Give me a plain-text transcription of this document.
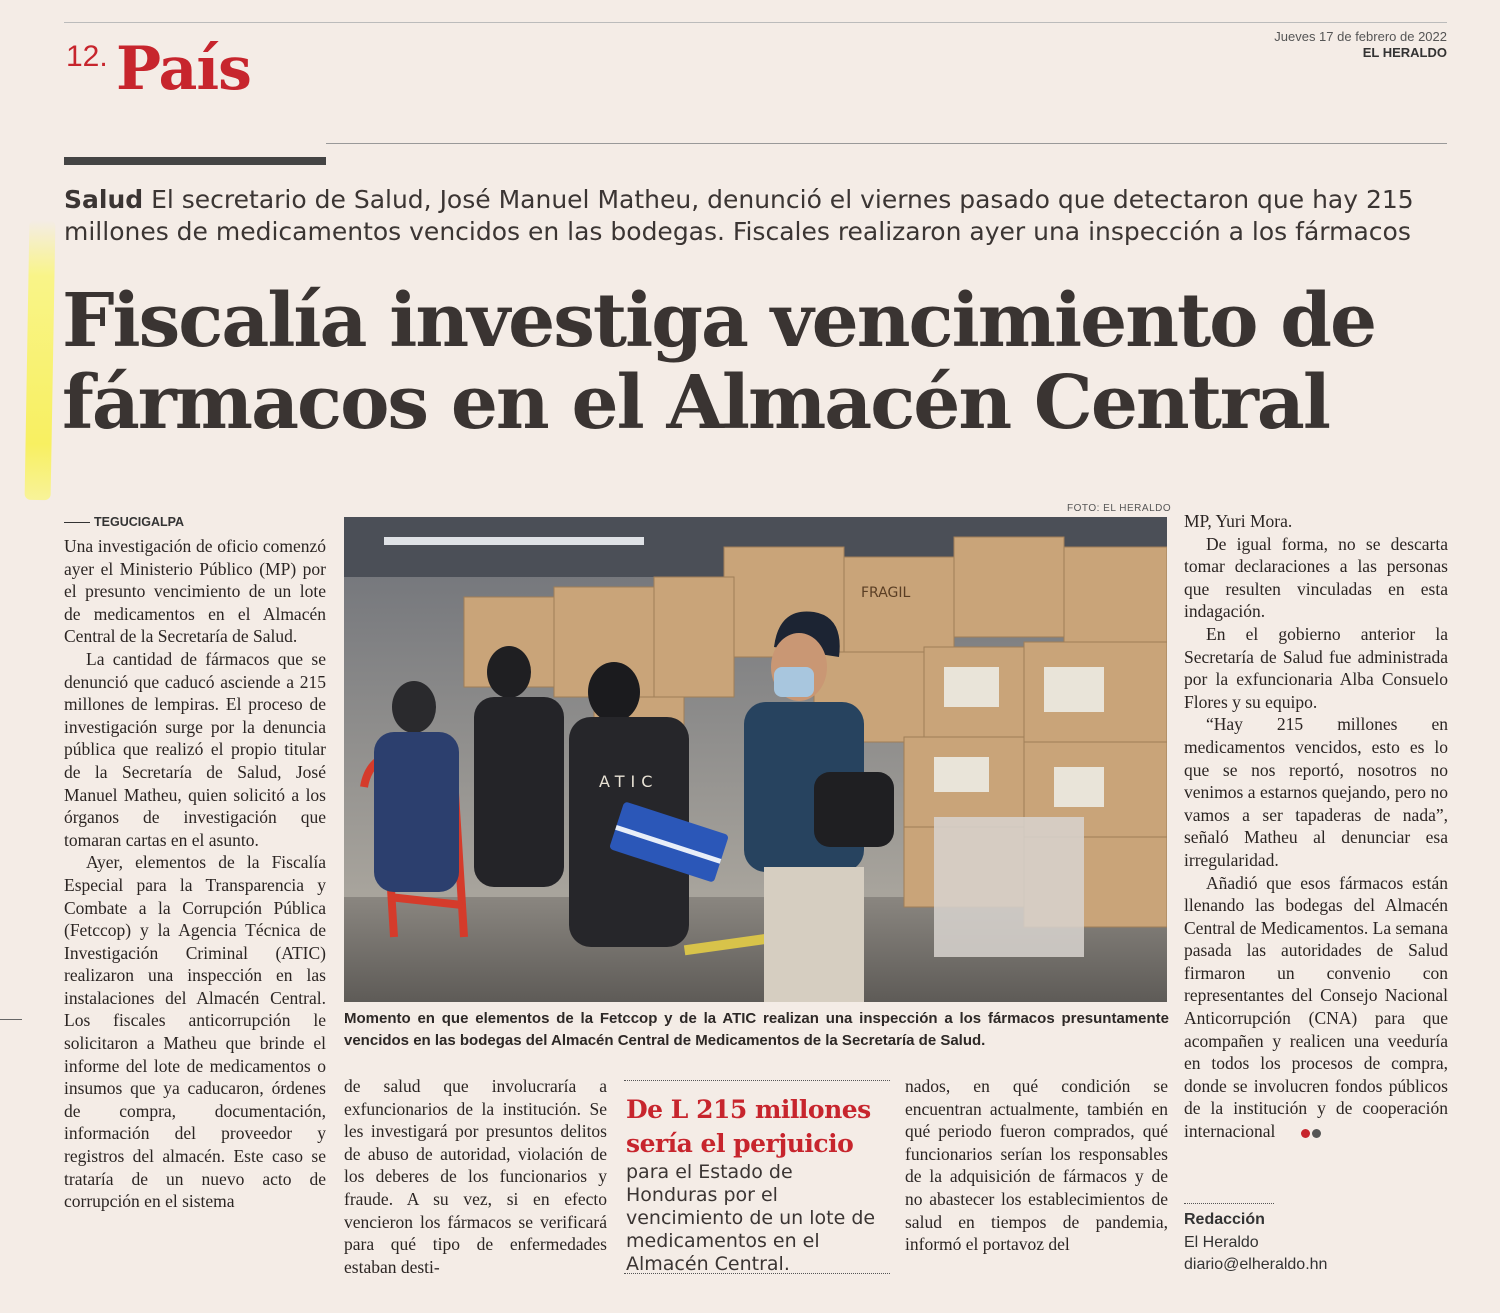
12. País	Jueves 17 de febrero de 2022
EL HERALDO
Salud El secretario de Salud, José Manuel Matheu, denunció el viernes pasado que detectaron que hay 215 millones de medicamentos vencidos en las bodegas. Fiscales realizaron ayer una inspección a los fármacos
Fiscalía investiga vencimiento de fármacos en el Almacén Central
TEGUCIGALPA

Una investigación de oficio comenzó ayer el Ministerio Público (MP) por el presunto vencimiento de un lote de medicamentos en el Almacén Central de la Secretaría de Salud.

La cantidad de fármacos que se denunció que caducó asciende a 215 millones de lempiras. El proceso de investigación surge por la denuncia pública que realizó el propio titular de la Secretaría de Salud, José Manuel Matheu, quien solicitó a los órganos de investigación que tomaran cartas en el asunto.

Ayer, elementos de la Fiscalía Especial para la Transparencia y Combate a la Corrupción Pública (Fetccop) y la Agencia Técnica de Investigación Criminal (ATIC) realizaron una inspección en las instalaciones del Almacén Central. Los fiscales anticorrupción le solicitaron a Matheu que brinde el informe del lote de medicamentos o insumos que ya caducaron, órdenes de compra, documentación, información del proveedor y registros del almacén. Este caso se trataría de un nuevo acto de corrupción en el sistema

FOTO: EL HERALDO
FRAGIL
ATIC
Momento en que elementos de la Fetccop y de la ATIC realizan una inspección a los fármacos presuntamente vencidos en las bodegas del Almacén Central de Medicamentos de la Secretaría de Salud.

de salud que involucraría a exfuncionarios de la institución. Se les investigará por presuntos delitos de abuso de autoridad, violación de los deberes de los funcionarios y fraude. A su vez, si en efecto vencieron los fármacos se verificará para qué tipo de enfermedades estaban desti-

De L 215 millones sería el perjuicio
para el Estado de Honduras por el vencimiento de un lote de medicamentos en el Almacén Central.

nados, en qué condición se encuentran actualmente, también en qué periodo fueron comprados, qué funcionarios serían los responsables de la adquisición de fármacos y de no abastecer los establecimientos de salud en tiempos de pandemia, informó el portavoz del

MP, Yuri Mora.

De igual forma, no se descarta tomar declaraciones a las personas que resulten vinculadas en esta indagación.

En el gobierno anterior la Secretaría de Salud fue administrada por la exfuncionaria Alba Consuelo Flores y su equipo.

“Hay 215 millones en medicamentos vencidos, esto es lo que se nos reportó, nosotros no venimos a estarnos quejando, pero no vamos a ser tapaderas de nada”, señaló Matheu al denunciar esa irregularidad.

Añadió que esos fármacos están llenando las bodegas del Almacén Central de Medicamentos. La semana pasada las autoridades de Salud firmaron un convenio con representantes del Consejo Nacional Anticorrupción (CNA) para que acompañen y realicen una veeduría en todos los procesos de compra, donde se involucren fondos públicos de la institución y de cooperación internacional

Redacción
El Heraldo
diario@elheraldo.hn
